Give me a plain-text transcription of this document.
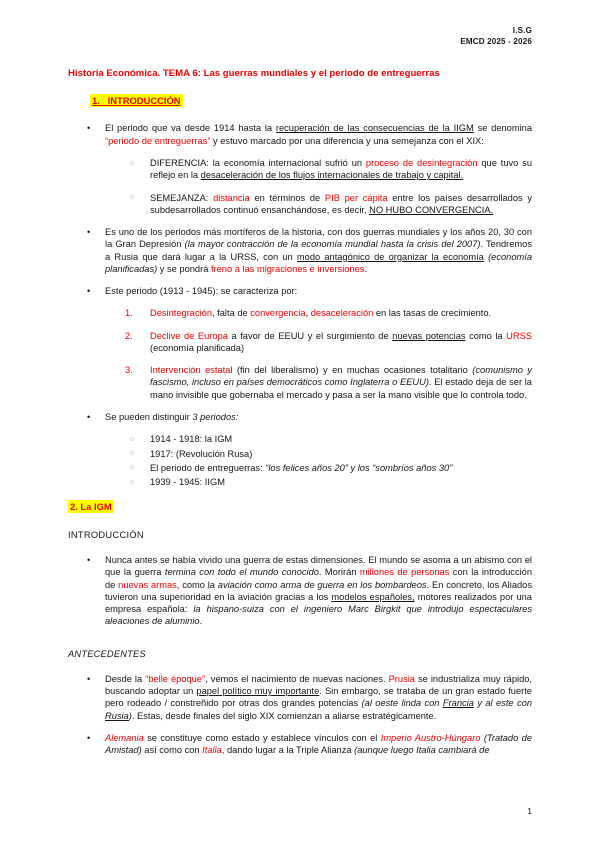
I.S.G
EMCD 2025 - 2026
Historia Económica. TEMA 6: Las guerras mundiales y el periodo de entreguerras
1.   INTRODUCCIÓN
• El periodo que va desde 1914 hasta la recuperación de las consecuencias de la IIGM se denomina “periodo de entreguerras” y estuvo marcado por una diferencia y una semejanza con el XIX:
○ DIFERENCIA: la economía internacional sufrió un proceso de desintegración que tuvo su reflejo en la desaceleración de los flujos internacionales de trabajo y capital.
○ SEMEJANZA: distancia en términos de PIB per cápita entre los países desarrollados y subdesarrollados continuó ensanchándose, es decir, NO HUBO CONVERGENCIA.
• Es uno de los periodos más mortíferos de la historia, con dos guerras mundiales y los años 20, 30 con la Gran Depresión (la mayor contracción de la economía mundial hasta la crisis del 2007). Tendremos a Rusia que dará lugar a la URSS, con un modo antagónico de organizar la economía (economía planificadas) y se pondrá freno a las migraciones e inversiones.
• Este periodo (1913 - 1945): se caracteriza por:
1. Desintegración, falta de convergencia, desaceleración en las tasas de crecimiento.
2. Declive de Europa a favor de EEUU y el surgimiento de nuevas potencias como la URSS (economía planificada)
3. Intervención estatal (fin del liberalismo) y en muchas ocasiones totalitario (comunismo y fascismo, incluso en países democráticos como Inglaterra o EEUU). El estado deja de ser la mano invisible que gobernaba el mercado y pasa a ser la mano visible que lo controla todo.
• Se pueden distinguir 3 periodos:
○ 1914 - 1918: la IGM
○ 1917: (Revolución Rusa)
○ El periodo de entreguerras: “los felices años 20” y los “sombríos años 30”
○ 1939 - 1945: IIGM
2. La IGM
INTRODUCCIÓN
• Nunca antes se había vivido una guerra de estas dimensiones. El mundo se asoma a un abismo con el que la guerra termina con todo el mundo conocido. Morirán millones de personas con la introducción de nuevas armas, como la aviación como arma de guerra en los bombardeos. En concreto, los Aliados tuvieron una superioridad en la aviación gracias a los modelos españoles, motores realizados por una empresa española: la hispano-suiza con el ingeniero Marc Birgkit que introdujo espectaculares aleaciones de aluminio.
ANTECEDENTES
• Desde la “belle époque”, vemos el nacimiento de nuevas naciones. Prusia se industrializa muy rápido, buscando adoptar un papel político muy importante. Sin embargo, se trataba de un gran estado fuerte pero rodeado / constreñido por otras dos grandes potencias (al oeste linda con Francia y al este con Rusia). Estas, desde finales del siglo XIX comienzan a aliarse estratégicamente.
• Alemania se constituye como estado y establece vínculos con el Imperio Austro-Húngaro (Tratado de Amistad) así como con Italia, dando lugar a la Triple Alianza (aunque luego Italia cambiará de
1
